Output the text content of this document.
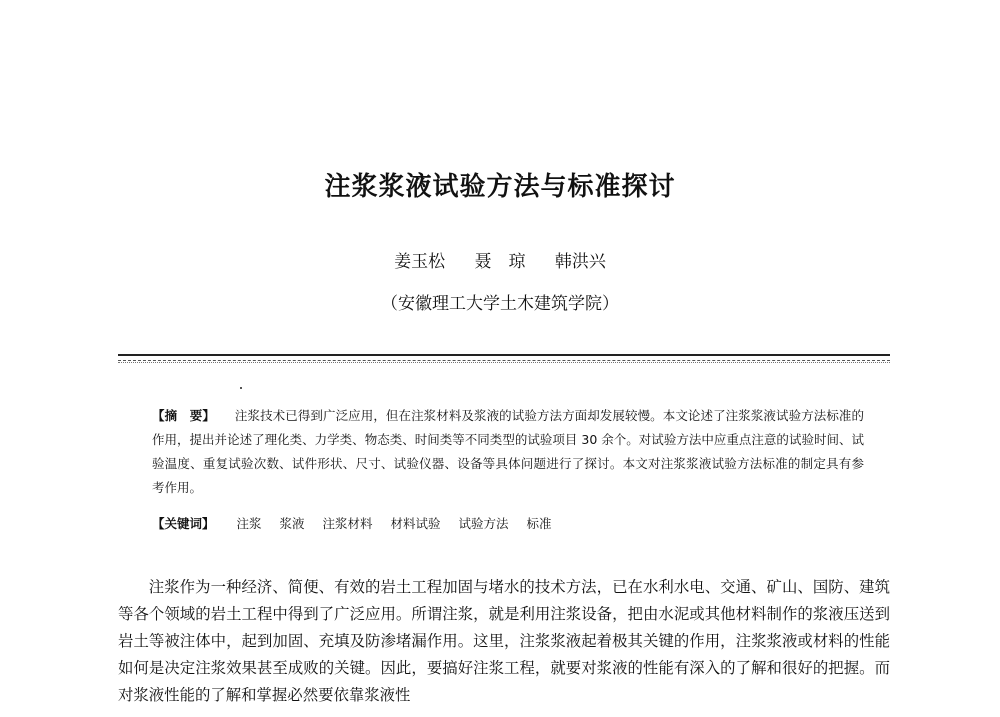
注浆浆液试验方法与标准探讨
姜玉松 聂　琼 韩洪兴
（安徽理工大学土木建筑学院）

【摘　要】 注浆技术已得到广泛应用，但在注浆材料及浆液的试验方法方面却发展较慢。本文论述了注浆浆液试验方法标准的作用，提出并论述了理化类、力学类、物态类、时间类等不同类型的试验项目 30 余个。对试验方法中应重点注意的试验时间、试验温度、重复试验次数、试件形状、尺寸、试验仪器、设备等具体问题进行了探讨。本文对注浆浆液试验方法标准的制定具有参考作用。

【关键词】 注浆 浆液 注浆材料 材料试验 试验方法 标准

注浆作为一种经济、简便、有效的岩土工程加固与堵水的技术方法，已在水利水电、交通、矿山、国防、建筑等各个领域的岩土工程中得到了广泛应用。所谓注浆，就是利用注浆设备，把由水泥或其他材料制作的浆液压送到岩土等被注体中，起到加固、充填及防渗堵漏作用。这里，注浆浆液起着极其关键的作用，注浆浆液或材料的性能如何是决定注浆效果甚至成败的关键。因此，要搞好注浆工程，就要对浆液的性能有深入的了解和很好的把握。而对浆液性能的了解和掌握必然要依靠浆液性
